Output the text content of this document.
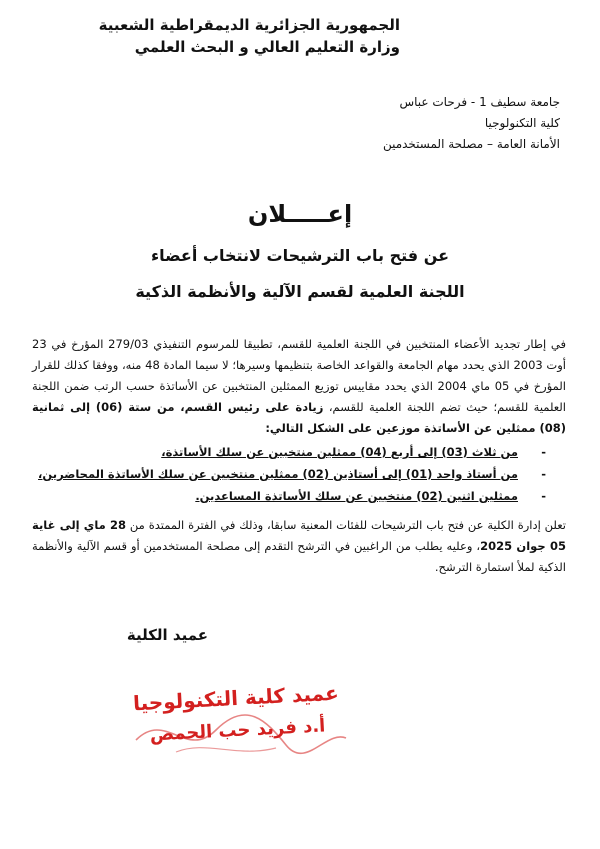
الجمهورية الجزائرية الديمقراطية الشعبية
وزارة التعليم العالي و البحث العلمي
جامعة سطيف 1 - فرحات عباس
كلية التكنولوجيا
الأمانة العامة – مصلحة المستخدمين
إعـــــلان
عن فتح باب الترشيحات لانتخاب أعضاء
اللجنة العلمية لقسم الآلية والأنظمة الذكية

في إطار تجديد الأعضاء المنتخبين في اللجنة العلمية للقسم، تطبيقا للمرسوم التنفيذي 279/03 المؤرخ في 23 أوت 2003 الذي يحدد مهام الجامعة والقواعد الخاصة بتنظيمها وسيرها؛ لا سيما المادة 48 منه، ووفقا كذلك للقرار المؤرخ في 05 ماي 2004 الذي يحدد مقاييس توزيع الممثلين المنتخبين عن الأساتذة حسب الرتب ضمن اللجنة العلمية للقسم؛ حيث تضم اللجنة العلمية للقسم، زيادة على رئيس القسم، من ستة (06) إلى ثمانية (08) ممثلين عن الأساتذة موزعين على الشكل التالي:

- من ثلاث (03) إلى أربع (04) ممثلين منتخبين عن سلك الأساتذة،
- من أستاذ واحد (01) إلى أستاذين (02) ممثلين منتخبين عن سلك الأساتذة المحاضرين،
- ممثلين اثنين (02) منتخبين عن سلك الأساتذة المساعدين.

تعلن إدارة الكلية عن فتح باب الترشيحات للفئات المعنية سابقا، وذلك في الفترة الممتدة من 28 ماي إلى غاية 05 جوان 2025، وعليه يطلب من الراغبين في الترشح التقدم إلى مصلحة المستخدمين أو قسم الآلية والأنظمة الذكية لملأ استمارة الترشح.

عميد الكلية
عميد كلية التكنولوجيا
أ.د فريد حب الحمص
